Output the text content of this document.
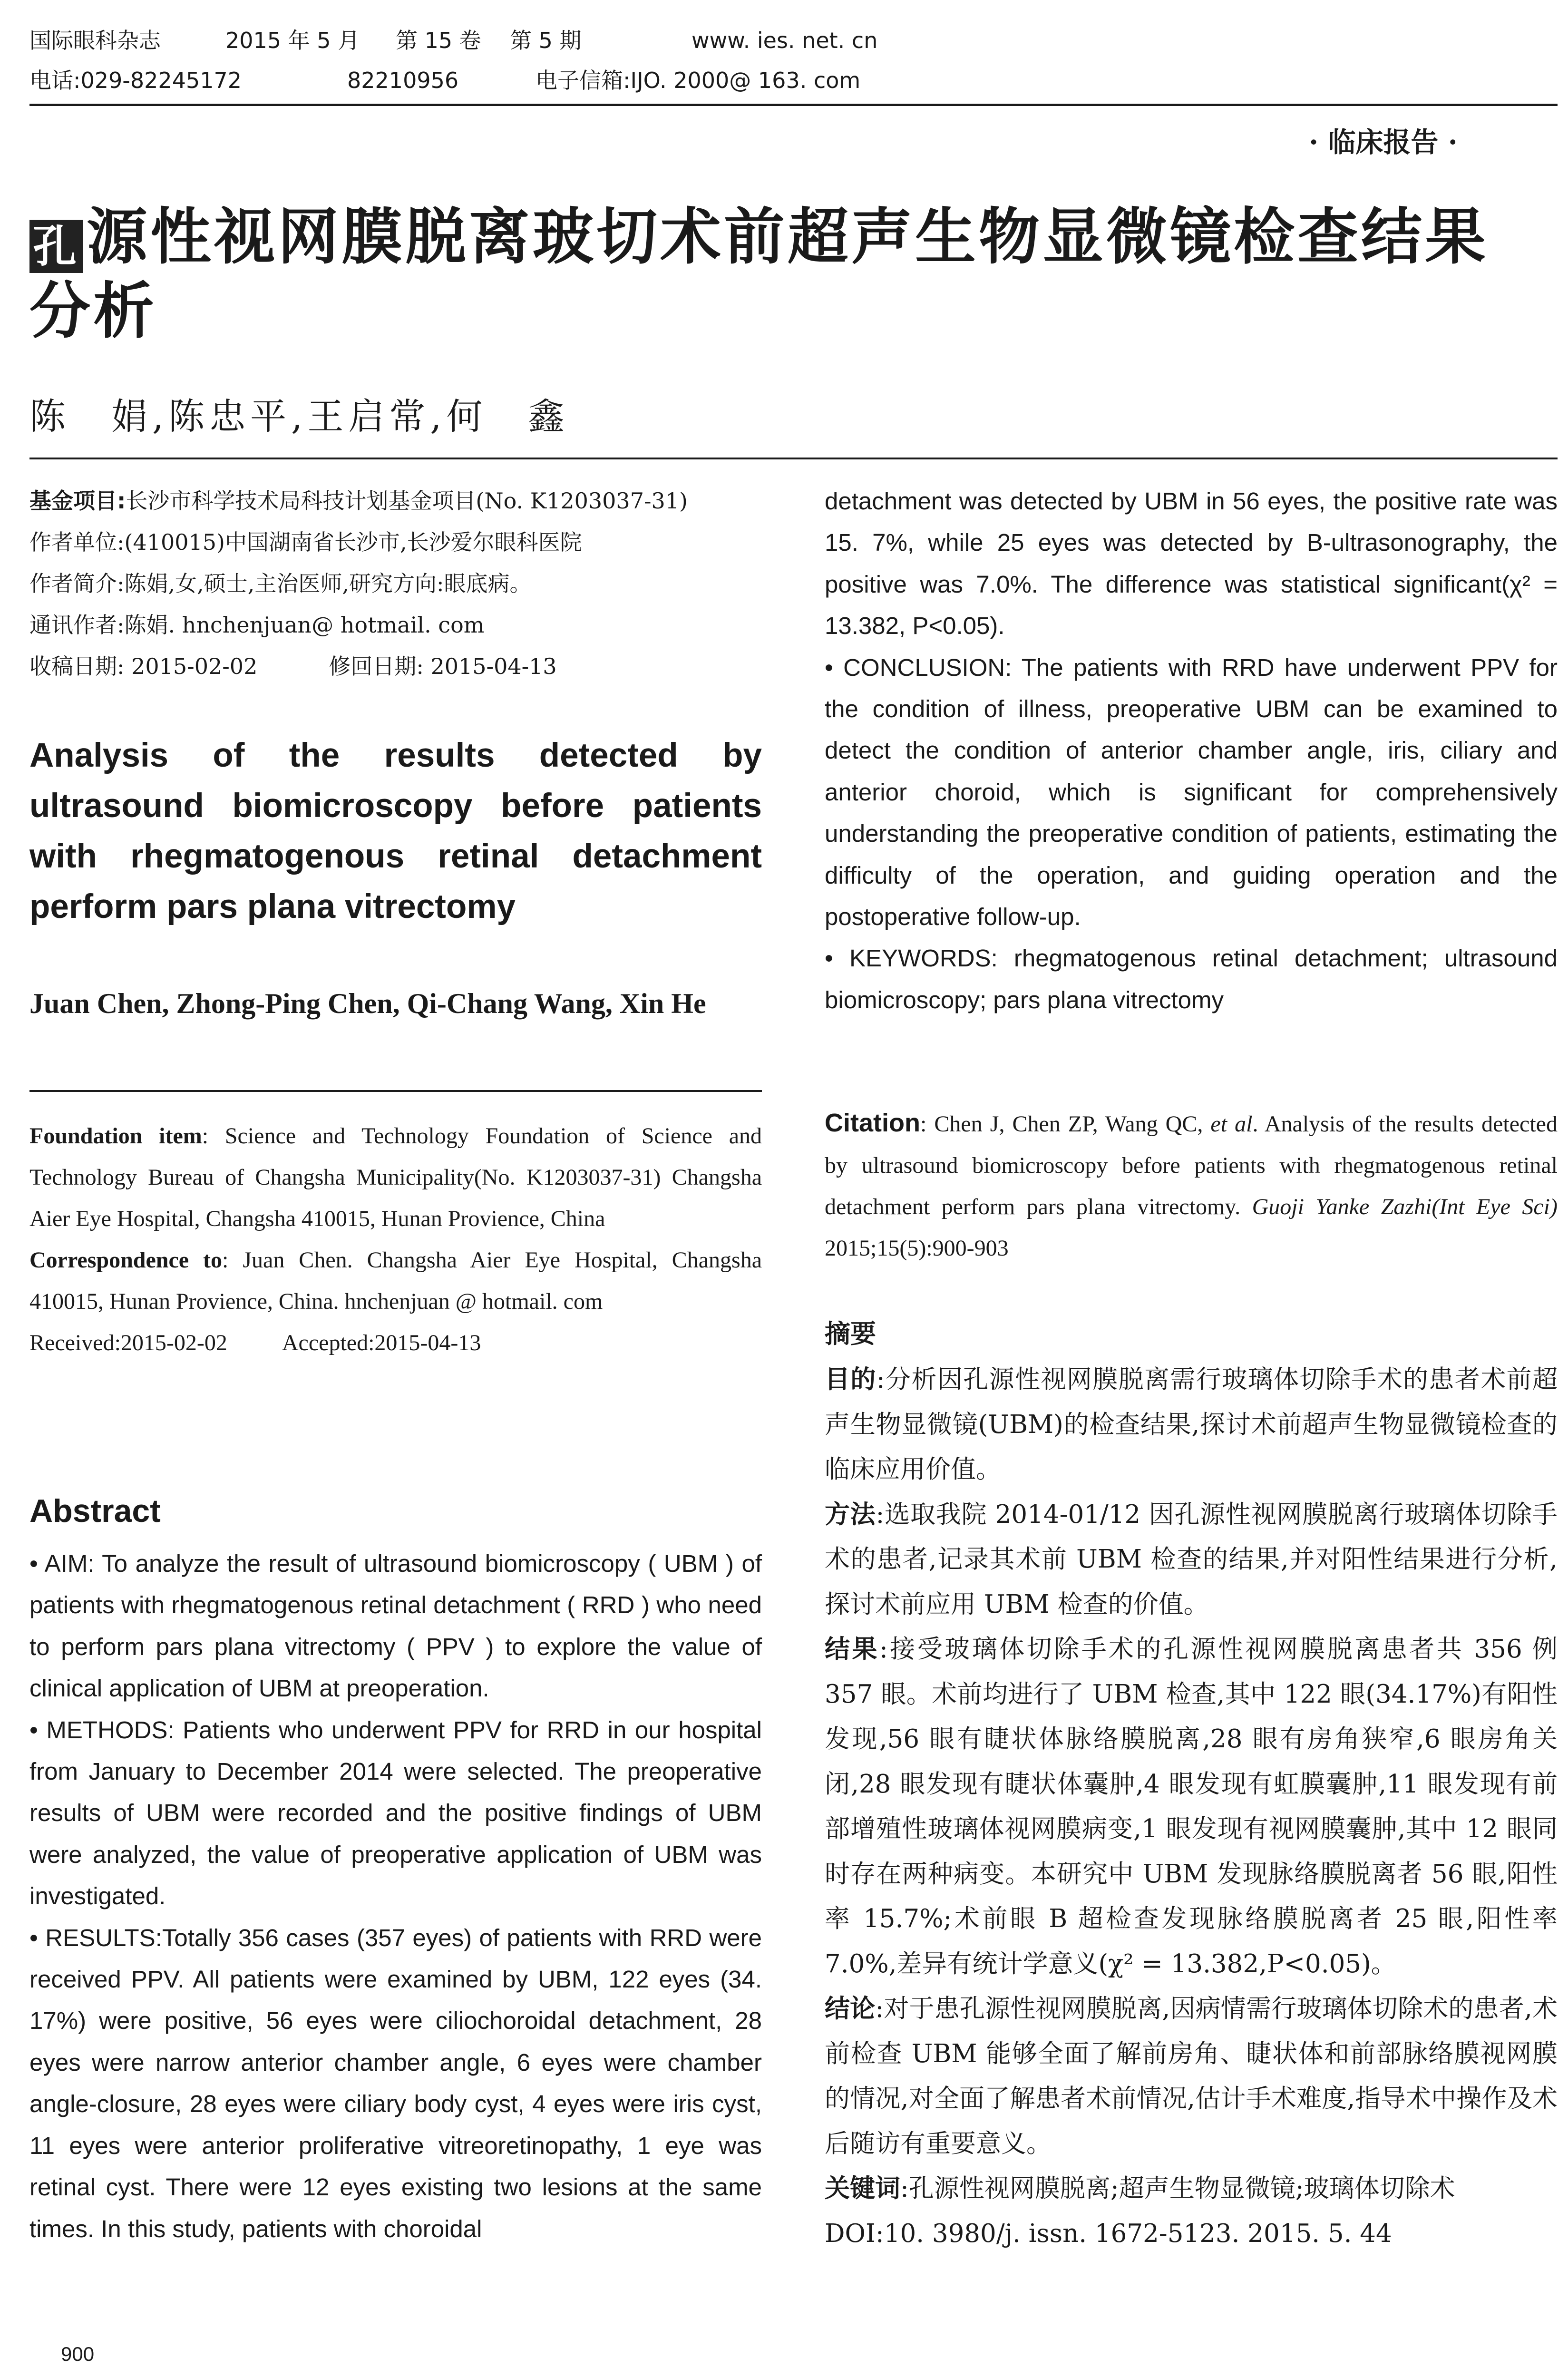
国际眼科杂志

	2015 年 5 月

第 15 卷

第 5 期

	www. ies. net. cn

电话:029-82245172

	82210956

	电子信箱:IJO. 2000@ 163. com

· 临床报告 ·
孔 源性视网膜脱离玻切术前超声生物显微镜检查结果
分析
陈　娟,陈忠平,王启常,何　鑫

基金项目:长沙市科学技术局科技计划基金项目(No. K1203037-31)

作者单位:(410015)中国湖南省长沙市,长沙爱尔眼科医院

作者简介:陈娟,女,硕士,主治医师,研究方向:眼底病。

通讯作者:陈娟. hnchenjuan@ hotmail. com

收稿日期: 2015-02-02	修回日期: 2015-04-13

Analysis of the results detected by ultrasound biomicroscopy before patients with rhegmatogenous retinal detachment perform pars plana vitrectomy
Juan Chen, Zhong-Ping Chen, Qi-Chang Wang, Xin He

Foundation item: Science and Technology Foundation of Science and Technology Bureau of Changsha Municipality(No. K1203037-31) Changsha Aier Eye Hospital, Changsha 410015, Hunan Provience, China

Correspondence to: Juan Chen. Changsha Aier Eye Hospital, Changsha 410015, Hunan Provience, China. hnchenjuan @ hotmail. com

Received:2015-02-02 Accepted:2015-04-13

Abstract

• AIM: To analyze the result of ultrasound biomicroscopy ( UBM ) of patients with rhegmatogenous retinal detachment ( RRD ) who need to perform pars plana vitrectomy ( PPV ) to explore the value of clinical application of UBM at preoperation.

• METHODS: Patients who underwent PPV for RRD in our hospital from January to December 2014 were selected. The preoperative results of UBM were recorded and the positive findings of UBM were analyzed, the value of preoperative application of UBM was investigated.

• RESULTS:Totally 356 cases (357 eyes) of patients with RRD were received PPV. All patients were examined by UBM, 122 eyes (34. 17%) were positive, 56 eyes were ciliochoroidal detachment, 28 eyes were narrow anterior chamber angle, 6 eyes were chamber angle-closure, 28 eyes were ciliary body cyst, 4 eyes were iris cyst, 11 eyes were anterior proliferative vitreoretinopathy, 1 eye was retinal cyst. There were 12 eyes existing two lesions at the same times. In this study, patients with choroidal

detachment was detected by UBM in 56 eyes, the positive rate was 15. 7%, while 25 eyes was detected by B-ultrasonography, the positive was 7.0%. The difference was statistical significant(χ² = 13.382, P<0.05).

• CONCLUSION: The patients with RRD have underwent PPV for the condition of illness, preoperative UBM can be examined to detect the condition of anterior chamber angle, iris, ciliary and anterior choroid, which is significant for comprehensively understanding the preoperative condition of patients, estimating the difficulty of the operation, and guiding operation and the postoperative follow-up.

• KEYWORDS: rhegmatogenous retinal detachment; ultrasound biomicroscopy; pars plana vitrectomy

Citation: Chen J, Chen ZP, Wang QC, et al. Analysis of the results detected by ultrasound biomicroscopy before patients with rhegmatogenous retinal detachment perform pars plana vitrectomy. Guoji Yanke Zazhi(Int Eye Sci) 2015;15(5):900-903

摘要

目的:分析因孔源性视网膜脱离需行玻璃体切除手术的患者术前超声生物显微镜(UBM)的检查结果,探讨术前超声生物显微镜检查的临床应用价值。

方法:选取我院 2014-01/12 因孔源性视网膜脱离行玻璃体切除手术的患者,记录其术前 UBM 检查的结果,并对阳性结果进行分析,探讨术前应用 UBM 检查的价值。

结果:接受玻璃体切除手术的孔源性视网膜脱离患者共 356 例 357 眼。术前均进行了 UBM 检查,其中 122 眼(34.17%)有阳性发现,56 眼有睫状体脉络膜脱离,28 眼有房角狭窄,6 眼房角关闭,28 眼发现有睫状体囊肿,4 眼发现有虹膜囊肿,11 眼发现有前部增殖性玻璃体视网膜病变,1 眼发现有视网膜囊肿,其中 12 眼同时存在两种病变。本研究中 UBM 发现脉络膜脱离者 56 眼,阳性率 15.7%;术前眼 B 超检查发现脉络膜脱离者 25 眼,阳性率 7.0%,差异有统计学意义(χ² = 13.382,P<0.05)。

结论:对于患孔源性视网膜脱离,因病情需行玻璃体切除术的患者,术前检查 UBM 能够全面了解前房角、睫状体和前部脉络膜视网膜的情况,对全面了解患者术前情况,估计手术难度,指导术中操作及术后随访有重要意义。

关键词:孔源性视网膜脱离;超声生物显微镜;玻璃体切除术

DOI:10. 3980/j. issn. 1672-5123. 2015. 5. 44

900
